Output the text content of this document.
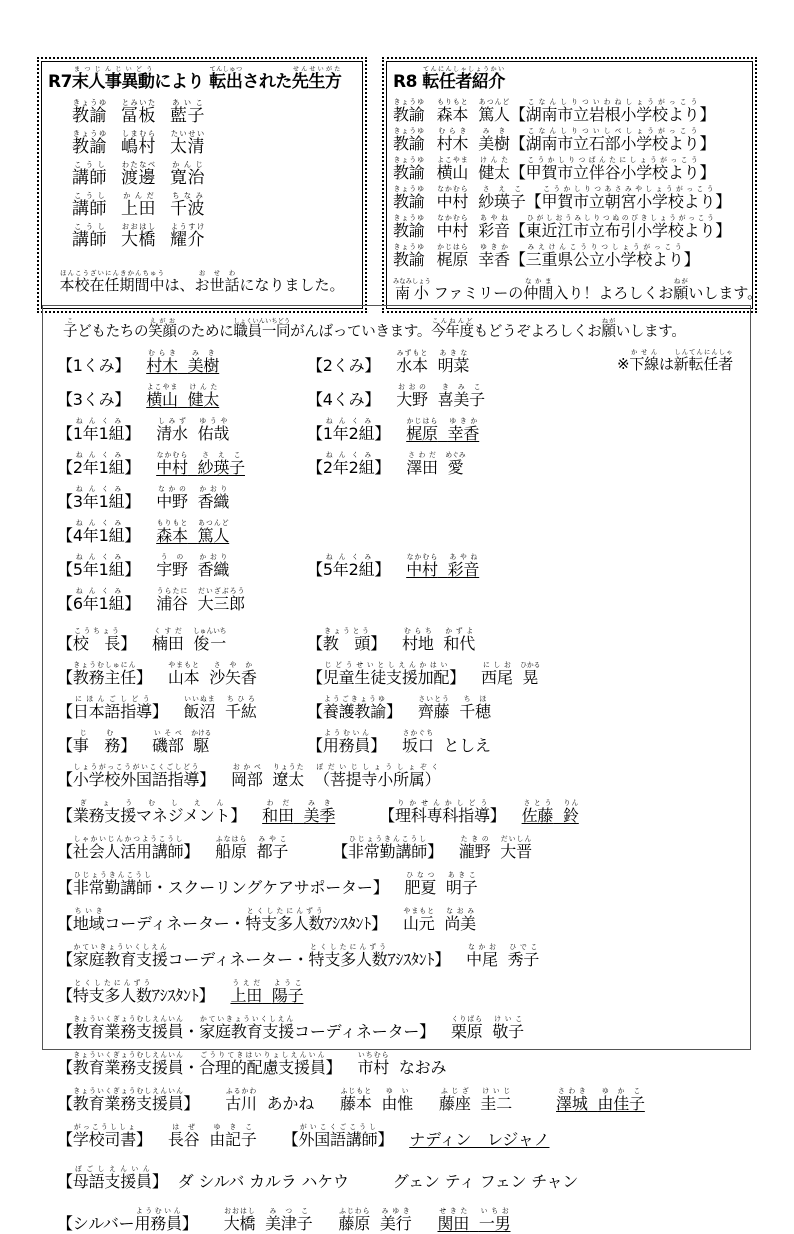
R7末人事異動まつじんじいどうにより 転出てんしゅつされた先生方せんせいがた
教諭きょうゆ冨板とみいた藍子あいこ
教諭きょうゆ嶋村しまむら太清たいせい
講師こうし渡邊わたなべ寛治かんじ
講師こうし上田かんだ千波ちなみ
講師こうし大橋おおはし耀介ようすけ
本校在任期間中ほんこうざいにんきかんちゅうは、お世話おせわになりました。
R8 転任者紹介てんにんしゃしょうかい
教諭きょうゆ森本もりもと篤人あつんど【湖南市立岩根小学校よりこなんしりついわねしょうがっこう】
教諭きょうゆ村木むらき美樹みき【湖南市立石部小学校よりこなんしりついしべしょうがっこう】
教諭きょうゆ横山よこやま健太けんた【甲賀市立伴谷小学校よりこうかしりつばんたにしょうがっこう】
教諭きょうゆ中村なかむら紗瑛子さえこ【甲賀市立朝宮小学校よりこうかしりつあさみやしょうがっこう】
教諭きょうゆ中村なかむら彩音あやね【東近江市立布引小学校よりひがしおうみしりつぬのびきしょうがっこう】
教諭きょうゆ梶原かじはら幸香ゆきか【三重県公立小学校よりみえけんこうりつしょうがっこう】
南小みなみしょう ファミリーの仲間なかま入り！よろしくお願ねがいします。
子こどもたちの笑顔えがおのために職員一同しょくいんいちどうがんばっていきます。今年度こんねんどもどうぞよろしくお願ねがいします。
【1くみ】 村木むらき  美樹みき【2くみ】 水本みずもと  明菜あきな
※下線かせんは新転任者しんてんにんしゃ
【3くみ】 横山よこやま  健太けんた【4くみ】 大野おおの  喜美子きみこ
【1年1組ねんくみ】 清水しみず  佑哉ゆうや【1年2組ねんくみ】 梶原かじはら  幸香ゆきか
【2年1組ねんくみ】 中村なかむら  紗瑛子さえこ【2年2組ねんくみ】 澤田さわだ  愛めぐみ
【3年1組ねんくみ】 中野なかの  香織かおり
【4年1組ねんくみ】 森本もりもと  篤人あつんど
【5年1組ねんくみ】 宇野うの  香織かおり【5年2組ねんくみ】 中村なかむら  彩音あやね
【6年1組ねんくみ】 浦谷うらたに  大三郎だいざぶろう
【校　長こうちょう】 楠田くすだ  俊一しゅんいち【教　頭きょうとう】 村地むらち  和代かずよ
【教務主任きょうむしゅにん】 山本やまもと  沙矢香さやか【児童生徒支援加配じどうせいとしえんかはい】 西尾にしお  晃ひかる
【日本語指導にほんごしどう】 飯沼いいぬま  千紘ちひろ【養護教諭ようごきょうゆ】 齊藤さいとう  千穂ちほ
【事　務じむ】 磯部いそべ  駆かける【用務員ようむいん】 坂口さかぐち  としえ
【小学校外国語指導しょうがっこうがいこくごしどう】 岡部おかべ  遼太りょうた（菩提寺小所属）ぼだいじしょうしょぞく
【業務支援マネジメントぎょうむしえん】 和田わだ  美季みき【理科専科指導りかせんかしどう】 佐藤さとう  鈴りん
【社会人活用講師しゃかいじんかつようこうし】 船原ふなはら  都子みやこ【非常勤講師ひじょうきんこうし】 瀧野たきの  大晋だいしん
【非常勤講師ひじょうきんこうし・スクーリングケアサポーター】 肥夏ひなつ  明子あきこ
【地域ちいきコーディネーター・特支多人数とくしたにんずうｱｼｽﾀﾝﾄ】 山元やまもと  尚美なおみ
【家庭教育支援かていきょういくしえんコーディネーター・特支多人数とくしたにんずうｱｼｽﾀﾝﾄ】 中尾なかお  秀子ひでこ
【特支多人数とくしたにんずうｱｼｽﾀﾝﾄ】 上田うえだ  陽子ようこ
【教育業務支援員きょういくぎょうむしえんいん・家庭教育支援かていきょういくしえんコーディネーター】 栗原くりばら  敬子けいこ
【教育業務支援員きょういくぎょうむしえんいん・合理的配慮支援員ごうりてきはいりょしえんいん】 市村いちむら  なおみ
【教育業務支援員きょういくぎょうむしえんいん】 古川ふるかわ  あかね 藤本ふじもと  由惟ゆい藤座ふじざ  圭二けいじ澤城さわき  由佳子ゆかこ
【学校司書がっこうししょ】 長谷はぜ  由記子ゆきこ【外国語講師がいこくごこうし】 ナディン　レジャノ
【母語支援員ぼごしえんいん】 ダ シルバ カルラ ハケウ	グェン ティ フェン チャン
【シルバー用務員ようむいん】 大橋おおはし  美津子みつこ藤原ふじわら  美行みゆき関田せきた  一男いちお
